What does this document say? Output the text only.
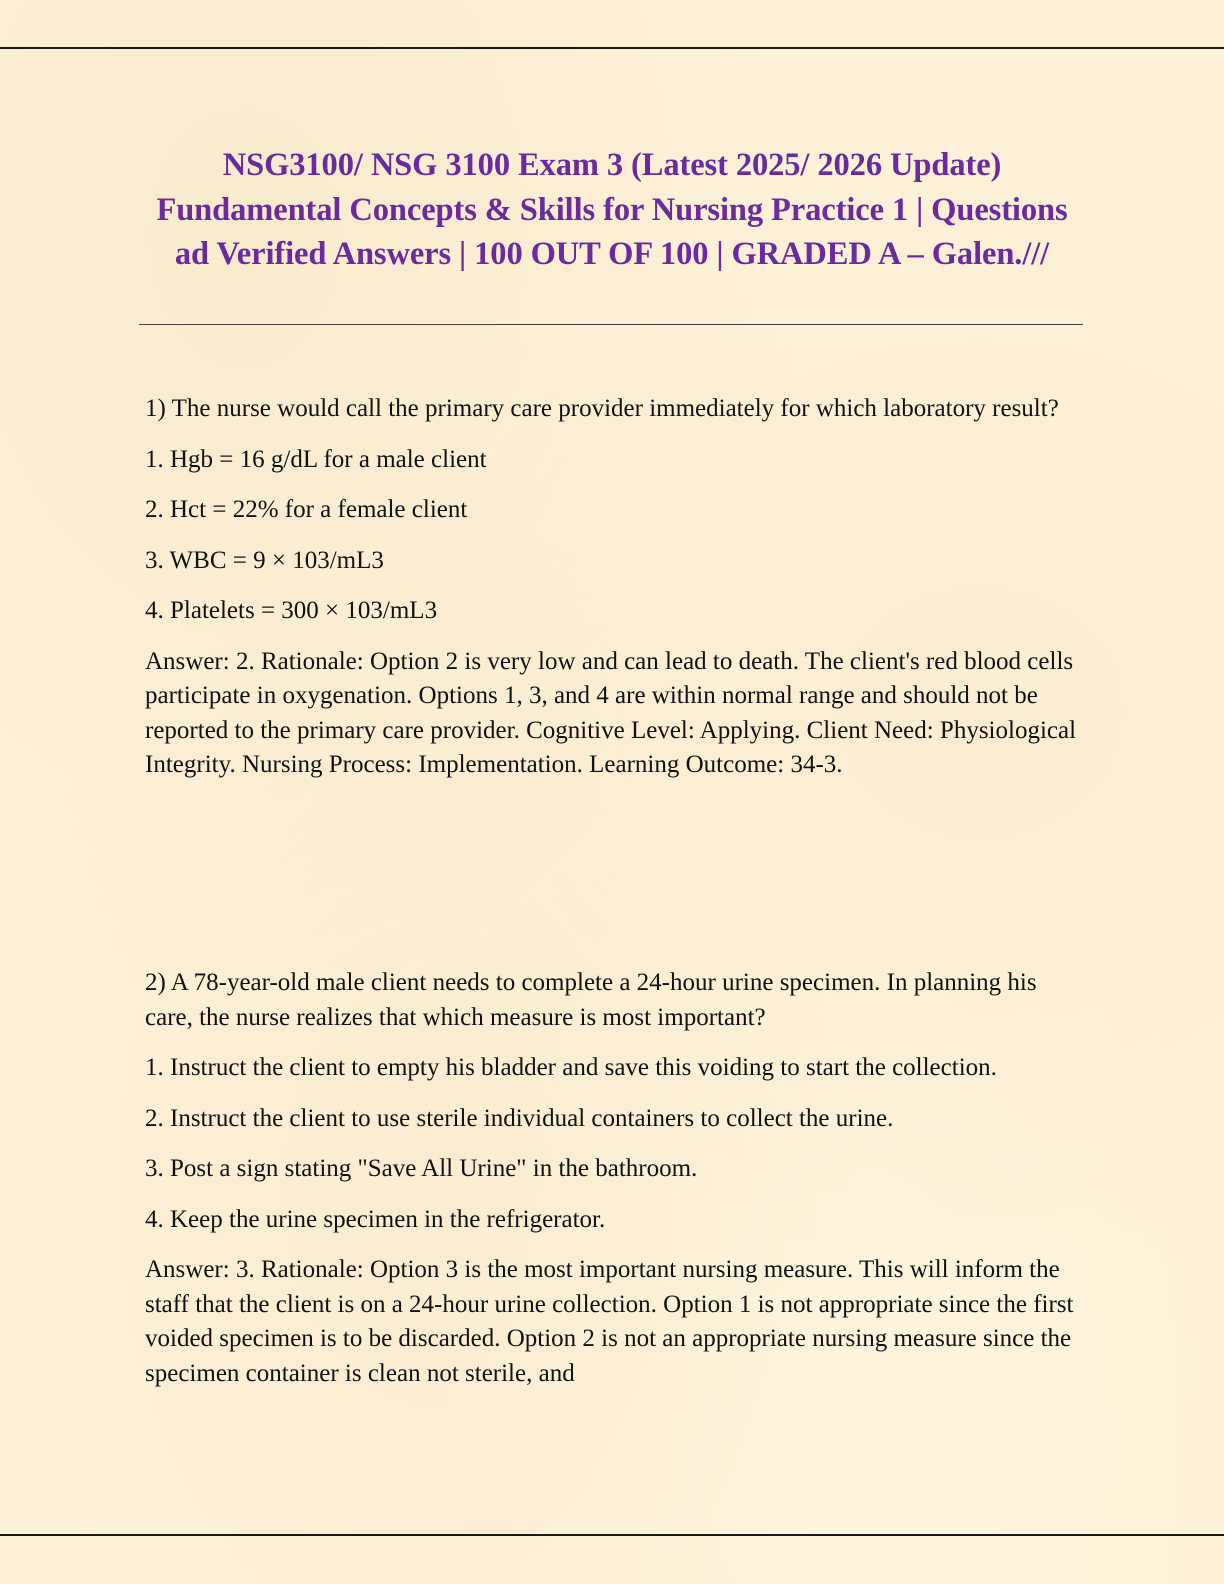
NSG3100/ NSG 3100 Exam 3 (Latest 2025/ 2026 Update) Fundamental Concepts & Skills for Nursing Practice 1 | Questions ad Verified Answers | 100 OUT OF 100 | GRADED A – Galen.///

1) The nurse would call the primary care provider immediately for which laboratory result?

1. Hgb = 16 g/dL for a male client

2. Hct = 22% for a female client

3. WBC = 9 × 103/mL3

4. Platelets = 300 × 103/mL3

Answer: 2. Rationale: Option 2 is very low and can lead to death. The client's red blood cells participate in oxygenation. Options 1, 3, and 4 are within normal range and should not be reported to the primary care provider. Cognitive Level: Applying. Client Need: Physiological Integrity. Nursing Process: Implementation. Learning Outcome: 34-3.

2) A 78-year-old male client needs to complete a 24-hour urine specimen. In planning his care, the nurse realizes that which measure is most important?

1. Instruct the client to empty his bladder and save this voiding to start the collection.

2. Instruct the client to use sterile individual containers to collect the urine.

3. Post a sign stating "Save All Urine" in the bathroom.

4. Keep the urine specimen in the refrigerator.

Answer: 3. Rationale: Option 3 is the most important nursing measure. This will inform the staff that the client is on a 24-hour urine collection. Option 1 is not appropriate since the first voided specimen is to be discarded. Option 2 is not an appropriate nursing measure since the specimen container is clean not sterile, and
